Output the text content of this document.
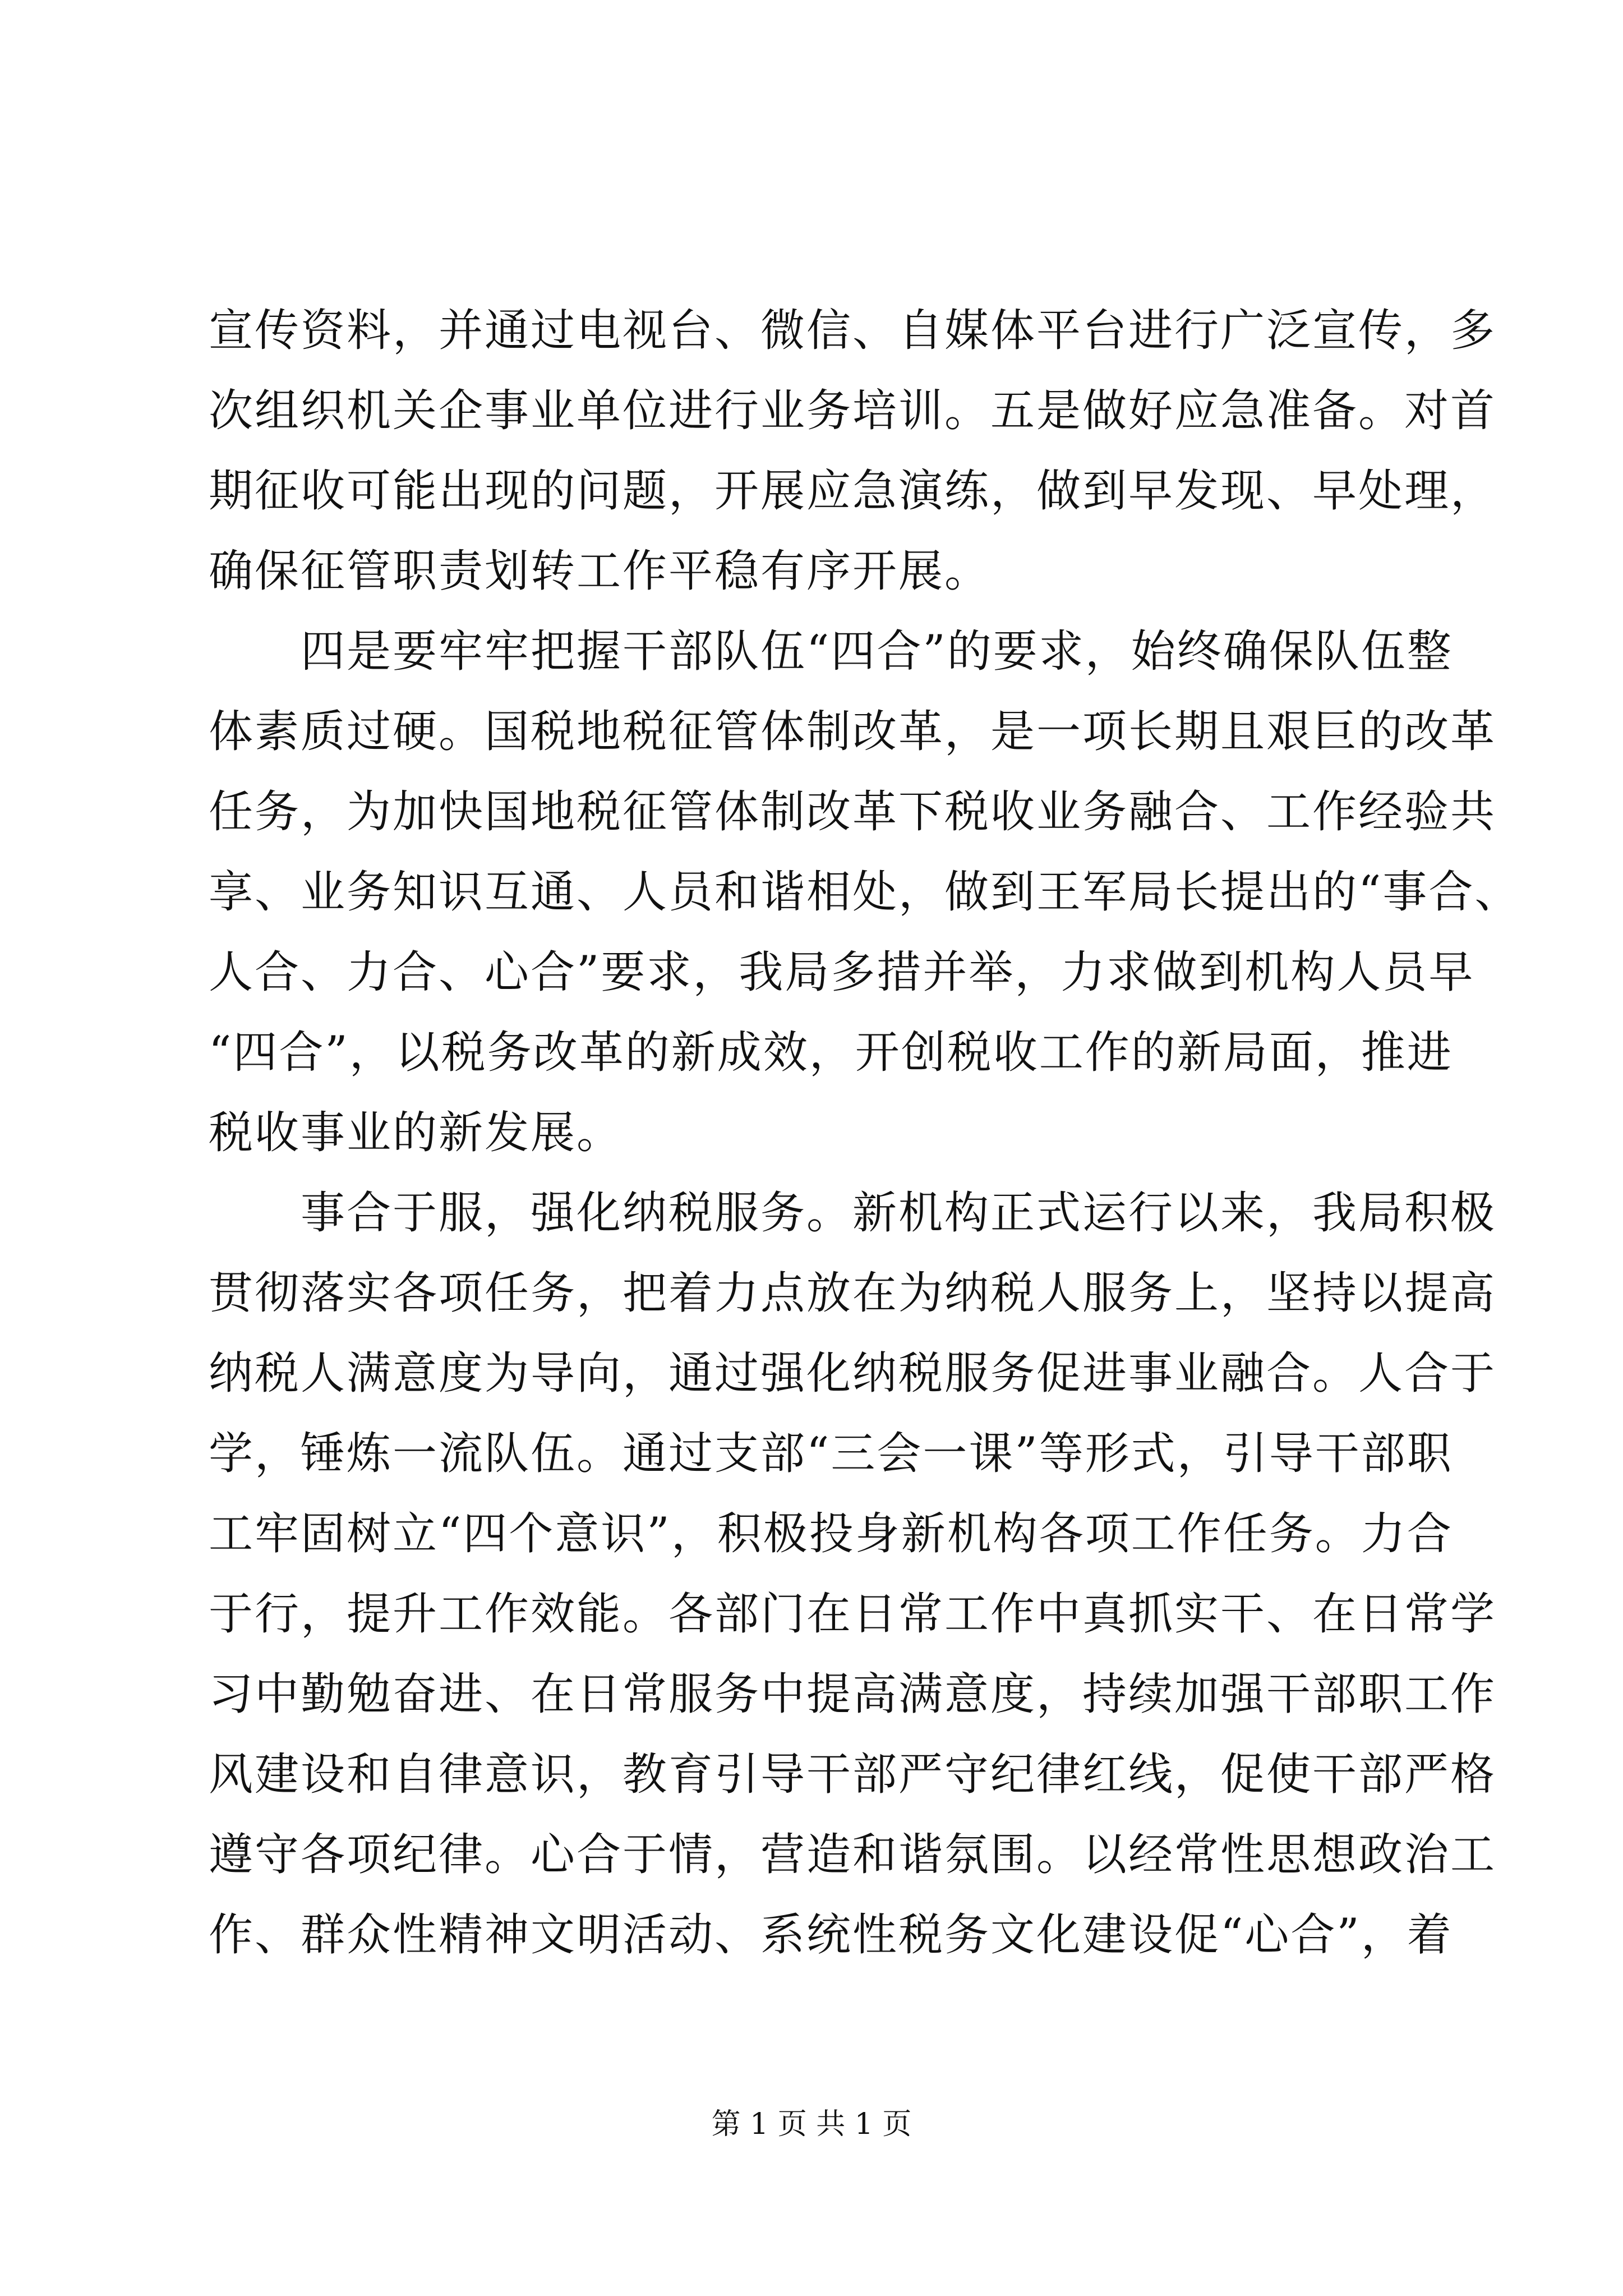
宣传资料，并通过电视台、微信、自媒体平台进行广泛宣传，多
次组织机关企事业单位进行业务培训。五是做好应急准备。对首
期征收可能出现的问题，开展应急演练，做到早发现、早处理，
确保征管职责划转工作平稳有序开展。
　　四是要牢牢把握干部队伍“四合”的要求，始终确保队伍整
体素质过硬。国税地税征管体制改革，是一项长期且艰巨的改革
任务，为加快国地税征管体制改革下税收业务融合、工作经验共
享、业务知识互通、人员和谐相处，做到王军局长提出的“事合、
人合、力合、心合”要求，我局多措并举，力求做到机构人员早
“四合”，以税务改革的新成效，开创税收工作的新局面，推进
税收事业的新发展。
　　事合于服，强化纳税服务。新机构正式运行以来，我局积极
贯彻落实各项任务，把着力点放在为纳税人服务上，坚持以提高
纳税人满意度为导向，通过强化纳税服务促进事业融合。人合于
学，锤炼一流队伍。通过支部“三会一课”等形式，引导干部职
工牢固树立“四个意识”，积极投身新机构各项工作任务。力合
于行，提升工作效能。各部门在日常工作中真抓实干、在日常学
习中勤勉奋进、在日常服务中提高满意度，持续加强干部职工作
风建设和自律意识，教育引导干部严守纪律红线，促使干部严格
遵守各项纪律。心合于情，营造和谐氛围。以经常性思想政治工
作、群众性精神文明活动、系统性税务文化建设促“心合”，着
第 1 页 共 1 页
